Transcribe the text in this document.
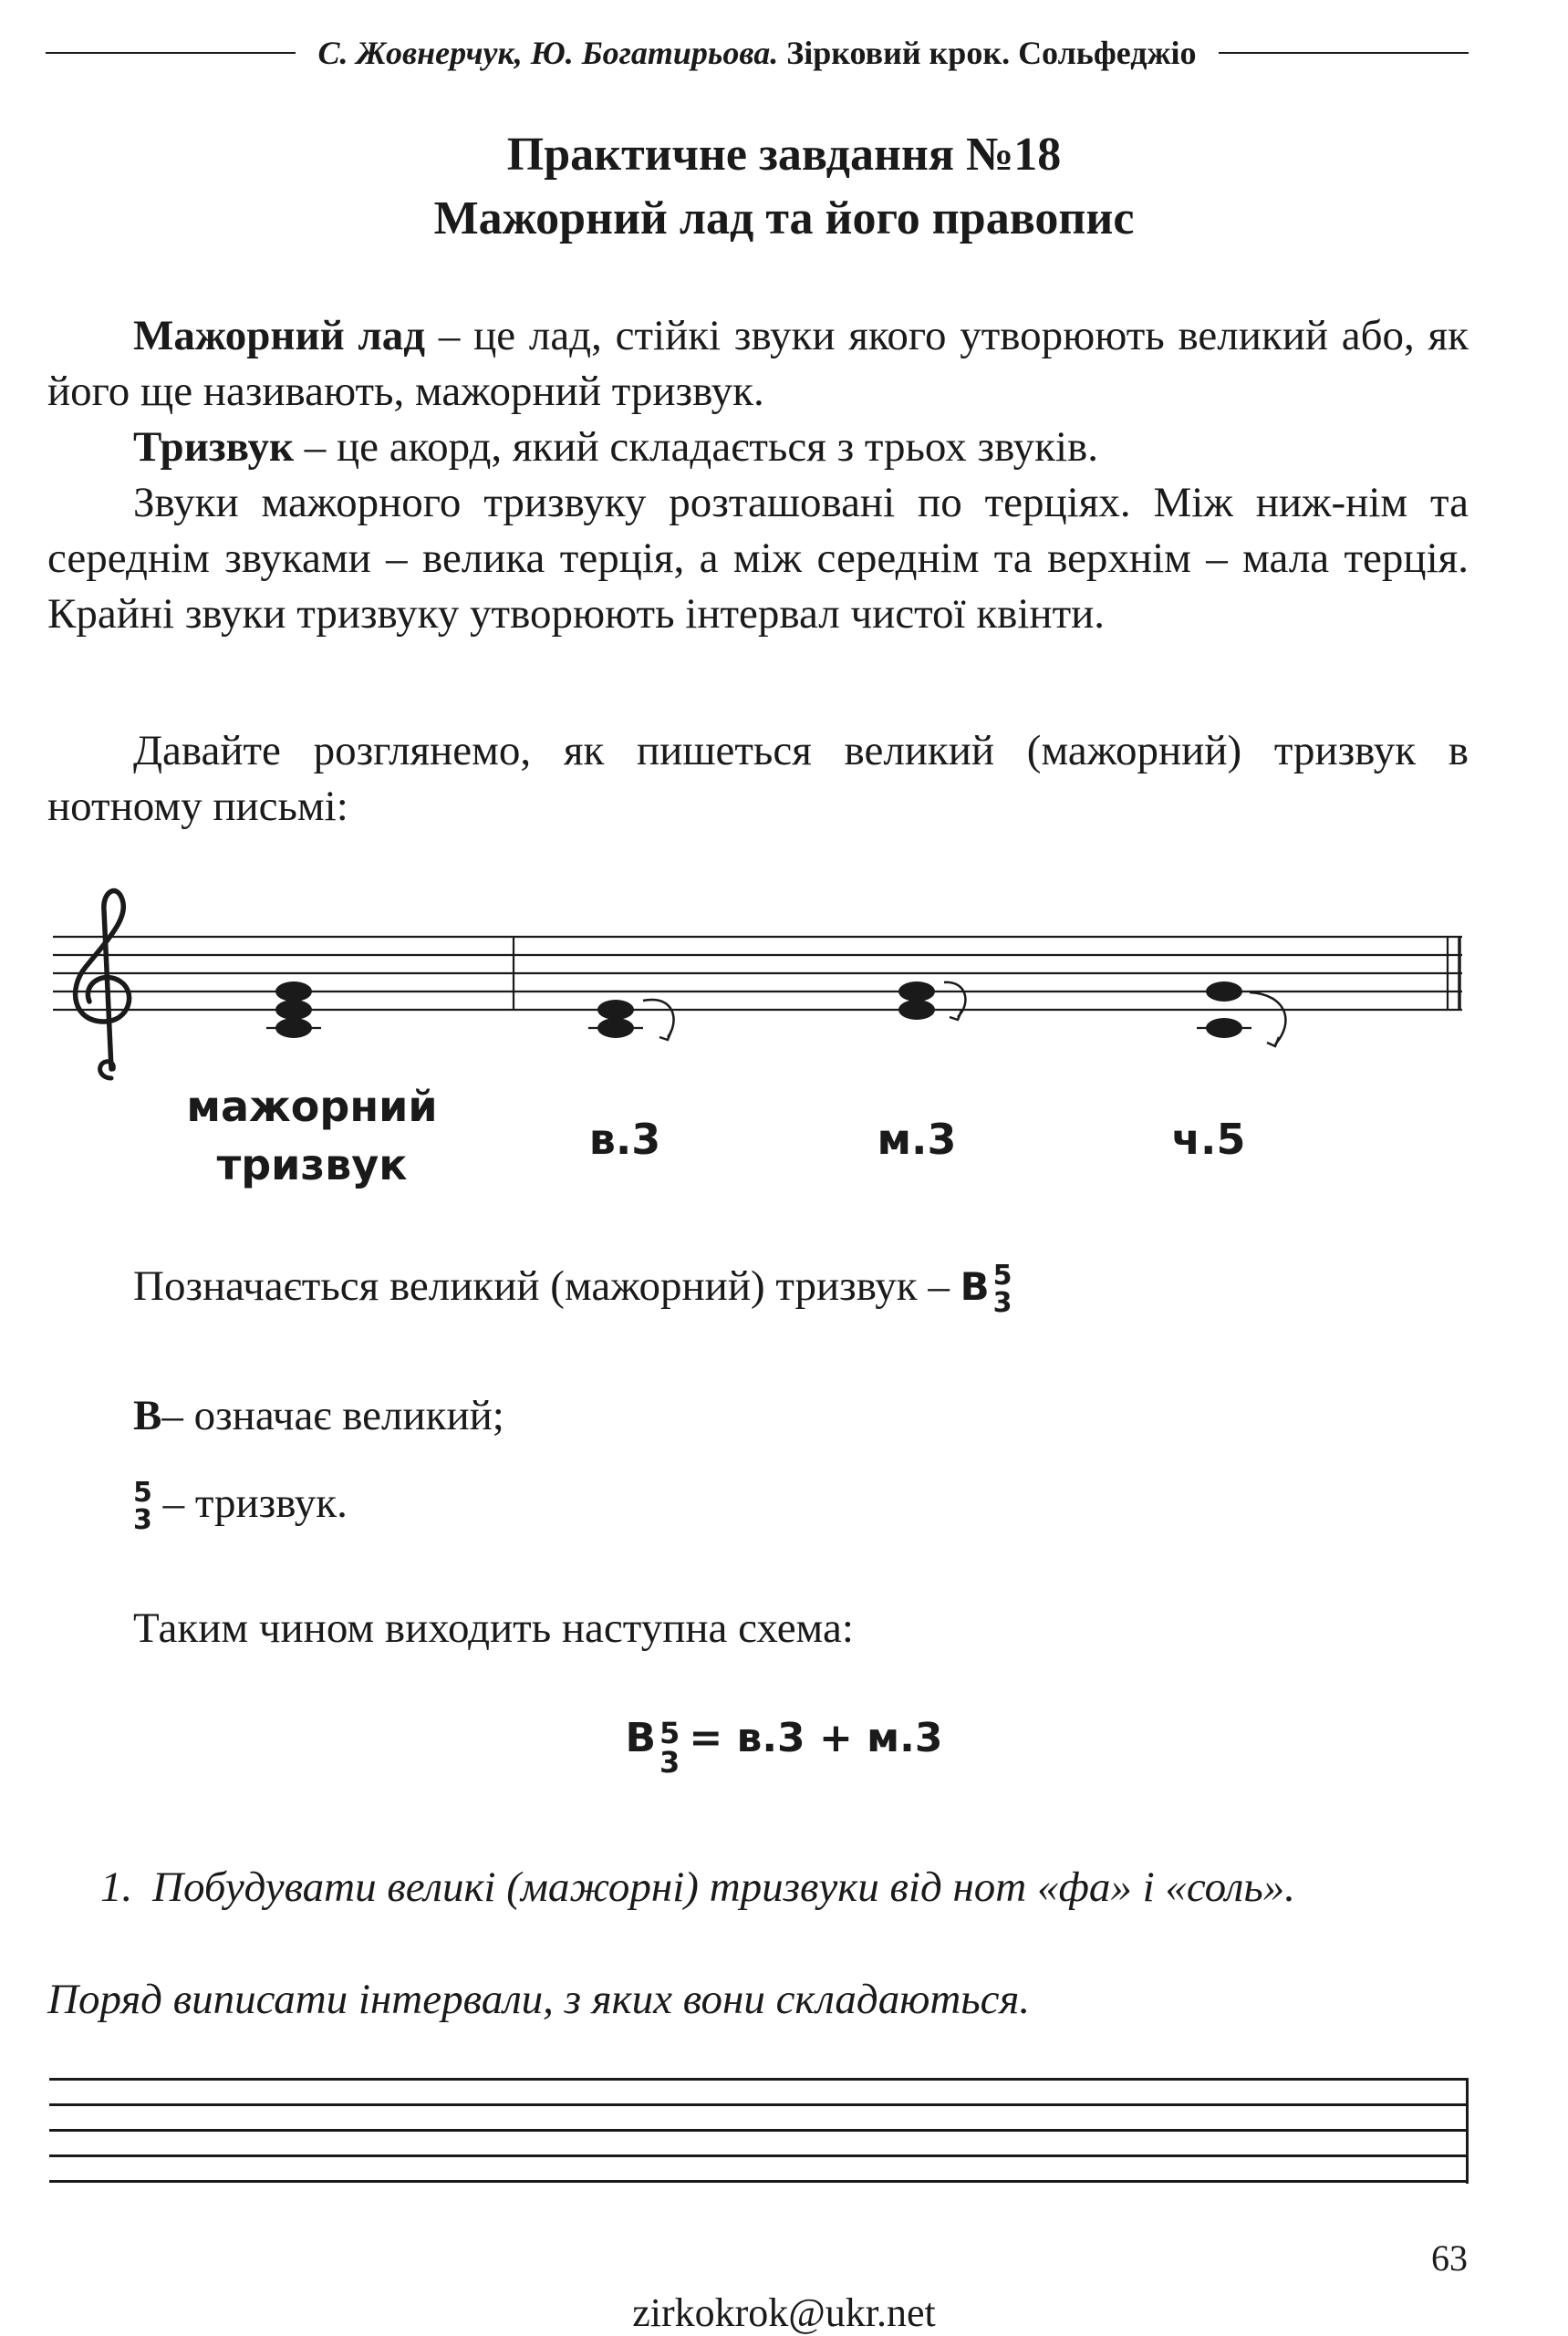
С. Жовнерчук, Ю. Богатирьова. Зірковий крок. Сольфеджіо
Практичне завдання №18
Мажорний лад та його правопис
Мажорний лад – це лад, стійкі звуки якого утворюють великий або, як його ще називають, мажорний тризвук.
Тризвук – це акорд, який складається з трьох звуків.
Звуки мажорного тризвуку розташовані по терціях. Між ниж-нім та середнім звуками – велика терція, а між середнім та верхнім – мала терція. Крайні звуки тризвуку утворюють інтервал чистої квінти.
Давайте розглянемо, як пишеться великий (мажорний) тризвук в нотному письмі:
мажорний
тризвук
в.3	м.3	ч.5
Позначається великий (мажорний) тризвук – В 5
3
В– означає великий;
5
3 – тризвук.
Таким чином виходить наступна схема:
В 5
3
= в.3 + м.3
1. Побудувати великі (мажорні) тризвуки від нот «фа» і «соль».
Поряд виписати інтервали, з яких вони складаються.
63
zirkokrok@ukr.net
